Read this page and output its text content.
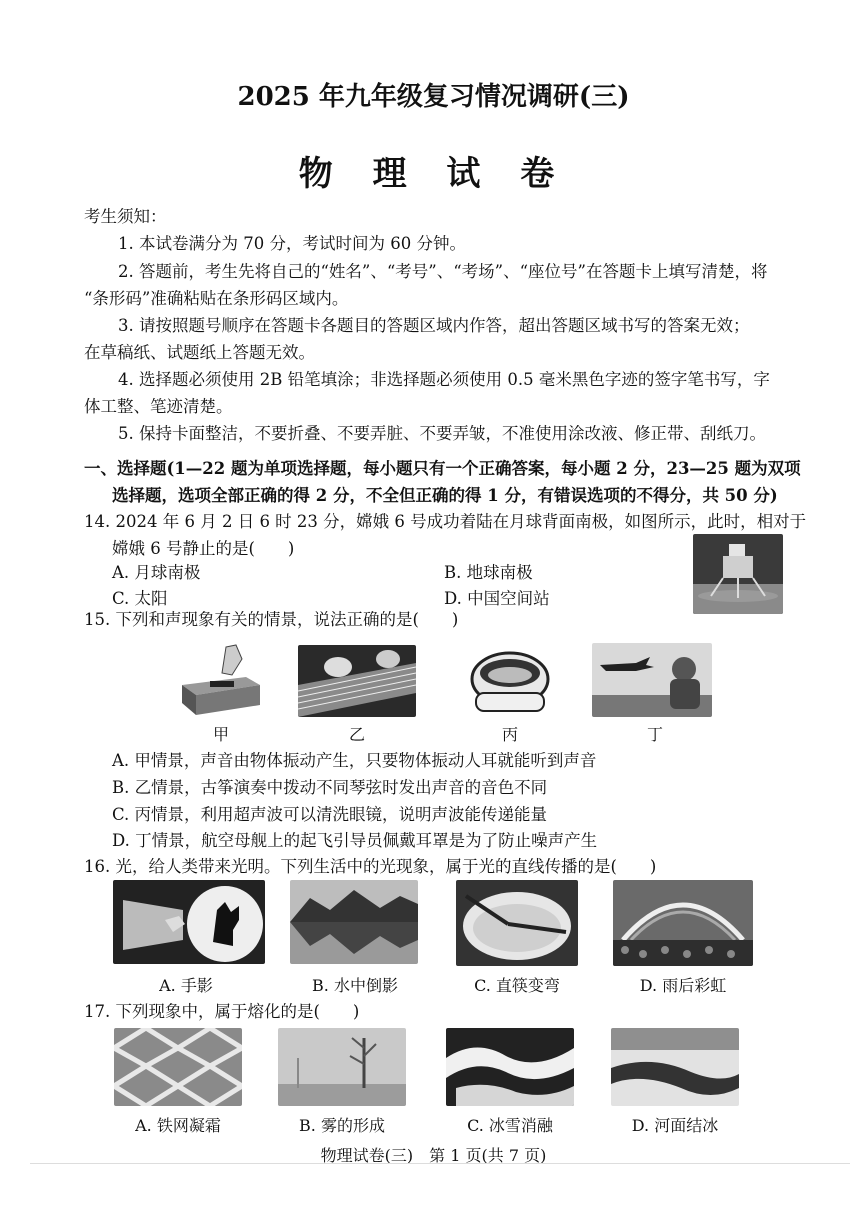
2025 年九年级复习情况调研(三)
物 理 试 卷
考生须知：
1. 本试卷满分为 70 分，考试时间为 60 分钟。
2. 答题前，考生先将自己的“姓名”、“考号”、“考场”、“座位号”在答题卡上填写清楚，将
“条形码”准确粘贴在条形码区域内。
3. 请按照题号顺序在答题卡各题目的答题区域内作答，超出答题区域书写的答案无效；
在草稿纸、试题纸上答题无效。
4. 选择题必须使用 2B 铅笔填涂；非选择题必须使用 0.5 毫米黑色字迹的签字笔书写，字
体工整、笔迹清楚。
5. 保持卡面整洁，不要折叠、不要弄脏、不要弄皱，不准使用涂改液、修正带、刮纸刀。
一、选择题(1—22 题为单项选择题，每小题只有一个正确答案，每小题 2 分，23—25 题为双项
选择题，选项全部正确的得 2 分，不全但正确的得 1 分，有错误选项的不得分，共 50 分)
14. 2024 年 6 月 2 日 6 时 23 分，嫦娥 6 号成功着陆在月球背面南极，如图所示，此时，相对于
嫦娥 6 号静止的是(　　)
A. 月球南极	B. 地球南极
C. 太阳	D. 中国空间站
15. 下列和声现象有关的情景，说法正确的是(　　)
甲	乙	丙	丁
A. 甲情景，声音由物体振动产生，只要物体振动人耳就能听到声音
B. 乙情景，古筝演奏中拨动不同琴弦时发出声音的音色不同
C. 丙情景，利用超声波可以清洗眼镜，说明声波能传递能量
D. 丁情景，航空母舰上的起飞引导员佩戴耳罩是为了防止噪声产生
16. 光，给人类带来光明。下列生活中的光现象，属于光的直线传播的是(　　)
A. 手影	B. 水中倒影	C. 直筷变弯	D. 雨后彩虹
17. 下列现象中，属于熔化的是(　　)
A. 铁网凝霜	B. 雾的形成	C. 冰雪消融	D. 河面结冰
物理试卷(三)　第 1 页(共 7 页)
